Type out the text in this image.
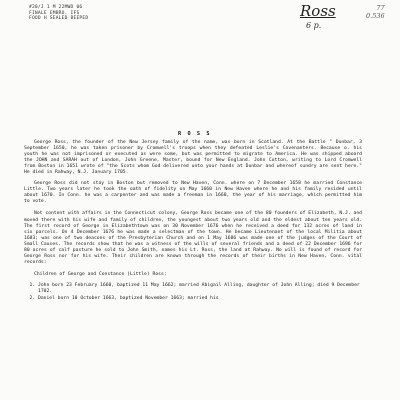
#20/J 1 M 22MWD 06
FINALE EMBRO. IFS
FOOD H SEALED BEEPED	Ross
6 p.
77
0.536
R O S S

George Ross, the founder of the New Jersey family of the name, was born in Scotland. At the Battle " Dunbar, 3 September 1650, he was taken prisoner by Cromwell's troops when they defeated Leslie's Covenanters. Because o. his youth he was not imprisoned or executed as were some, but was permitted to migrate to America. He was shipped aboard the JOHN and SARAH out of London, John Greene, Master, bound for New England. John Cotton, writing to Lord Cromwell from Boston in 1651 wrote of "the Scots whom God delivered unto your hands at Dunbar and whereof sundry are sent here." He died in Rahway, N.J. January 1705.

George Ross did not stay in Boston but removed to New Haven, Conn. where on 7 December 1658 he married Constance Little. Two years later he took the oath of fidelity on May 1660 in New Haven where he and his family resided until about 1670. In Conn. he was a carpenter and was made a freeman in 1668, the year of his marriage, which permitted him to vote.

Not content with affairs in the Connecticut colony, George Ross became one of the 80 founders of Elizabeth, N.J. and moved there with his wife and family of children, the youngest about two years old and the eldest about ten years old. The first record of George in Elizabethtown was on 30 November 1676 when he received a deed for 132 acres of land in six parcels. On 4 December 1676 he was made a selectman of the town. He became Lieutenant of the local Militia about 1683; was one of two deacons of the Presbyterian Church and on 1 May 1686 was made one of the judges of the Court of Small Causes. The records show that he was a witness of the wills of several friends and a deed of 22 December 1696 for 80 acres of calf pasture he sold to John Smith, names his Lt. Ross, the land at Rahway. No will is found of record for George Ross nor for his wife. Their children are known through the records of their births in New Haven, Conn. vital records:

Children of George and Constance (Little) Ross:
1. John born 23 February 1660, baptized 11 May 1662; married Abigail Alling, daughter of John Alling; died 9 December 1702.
2. Daniel born 10 October 1663, baptized November 1663; married his
